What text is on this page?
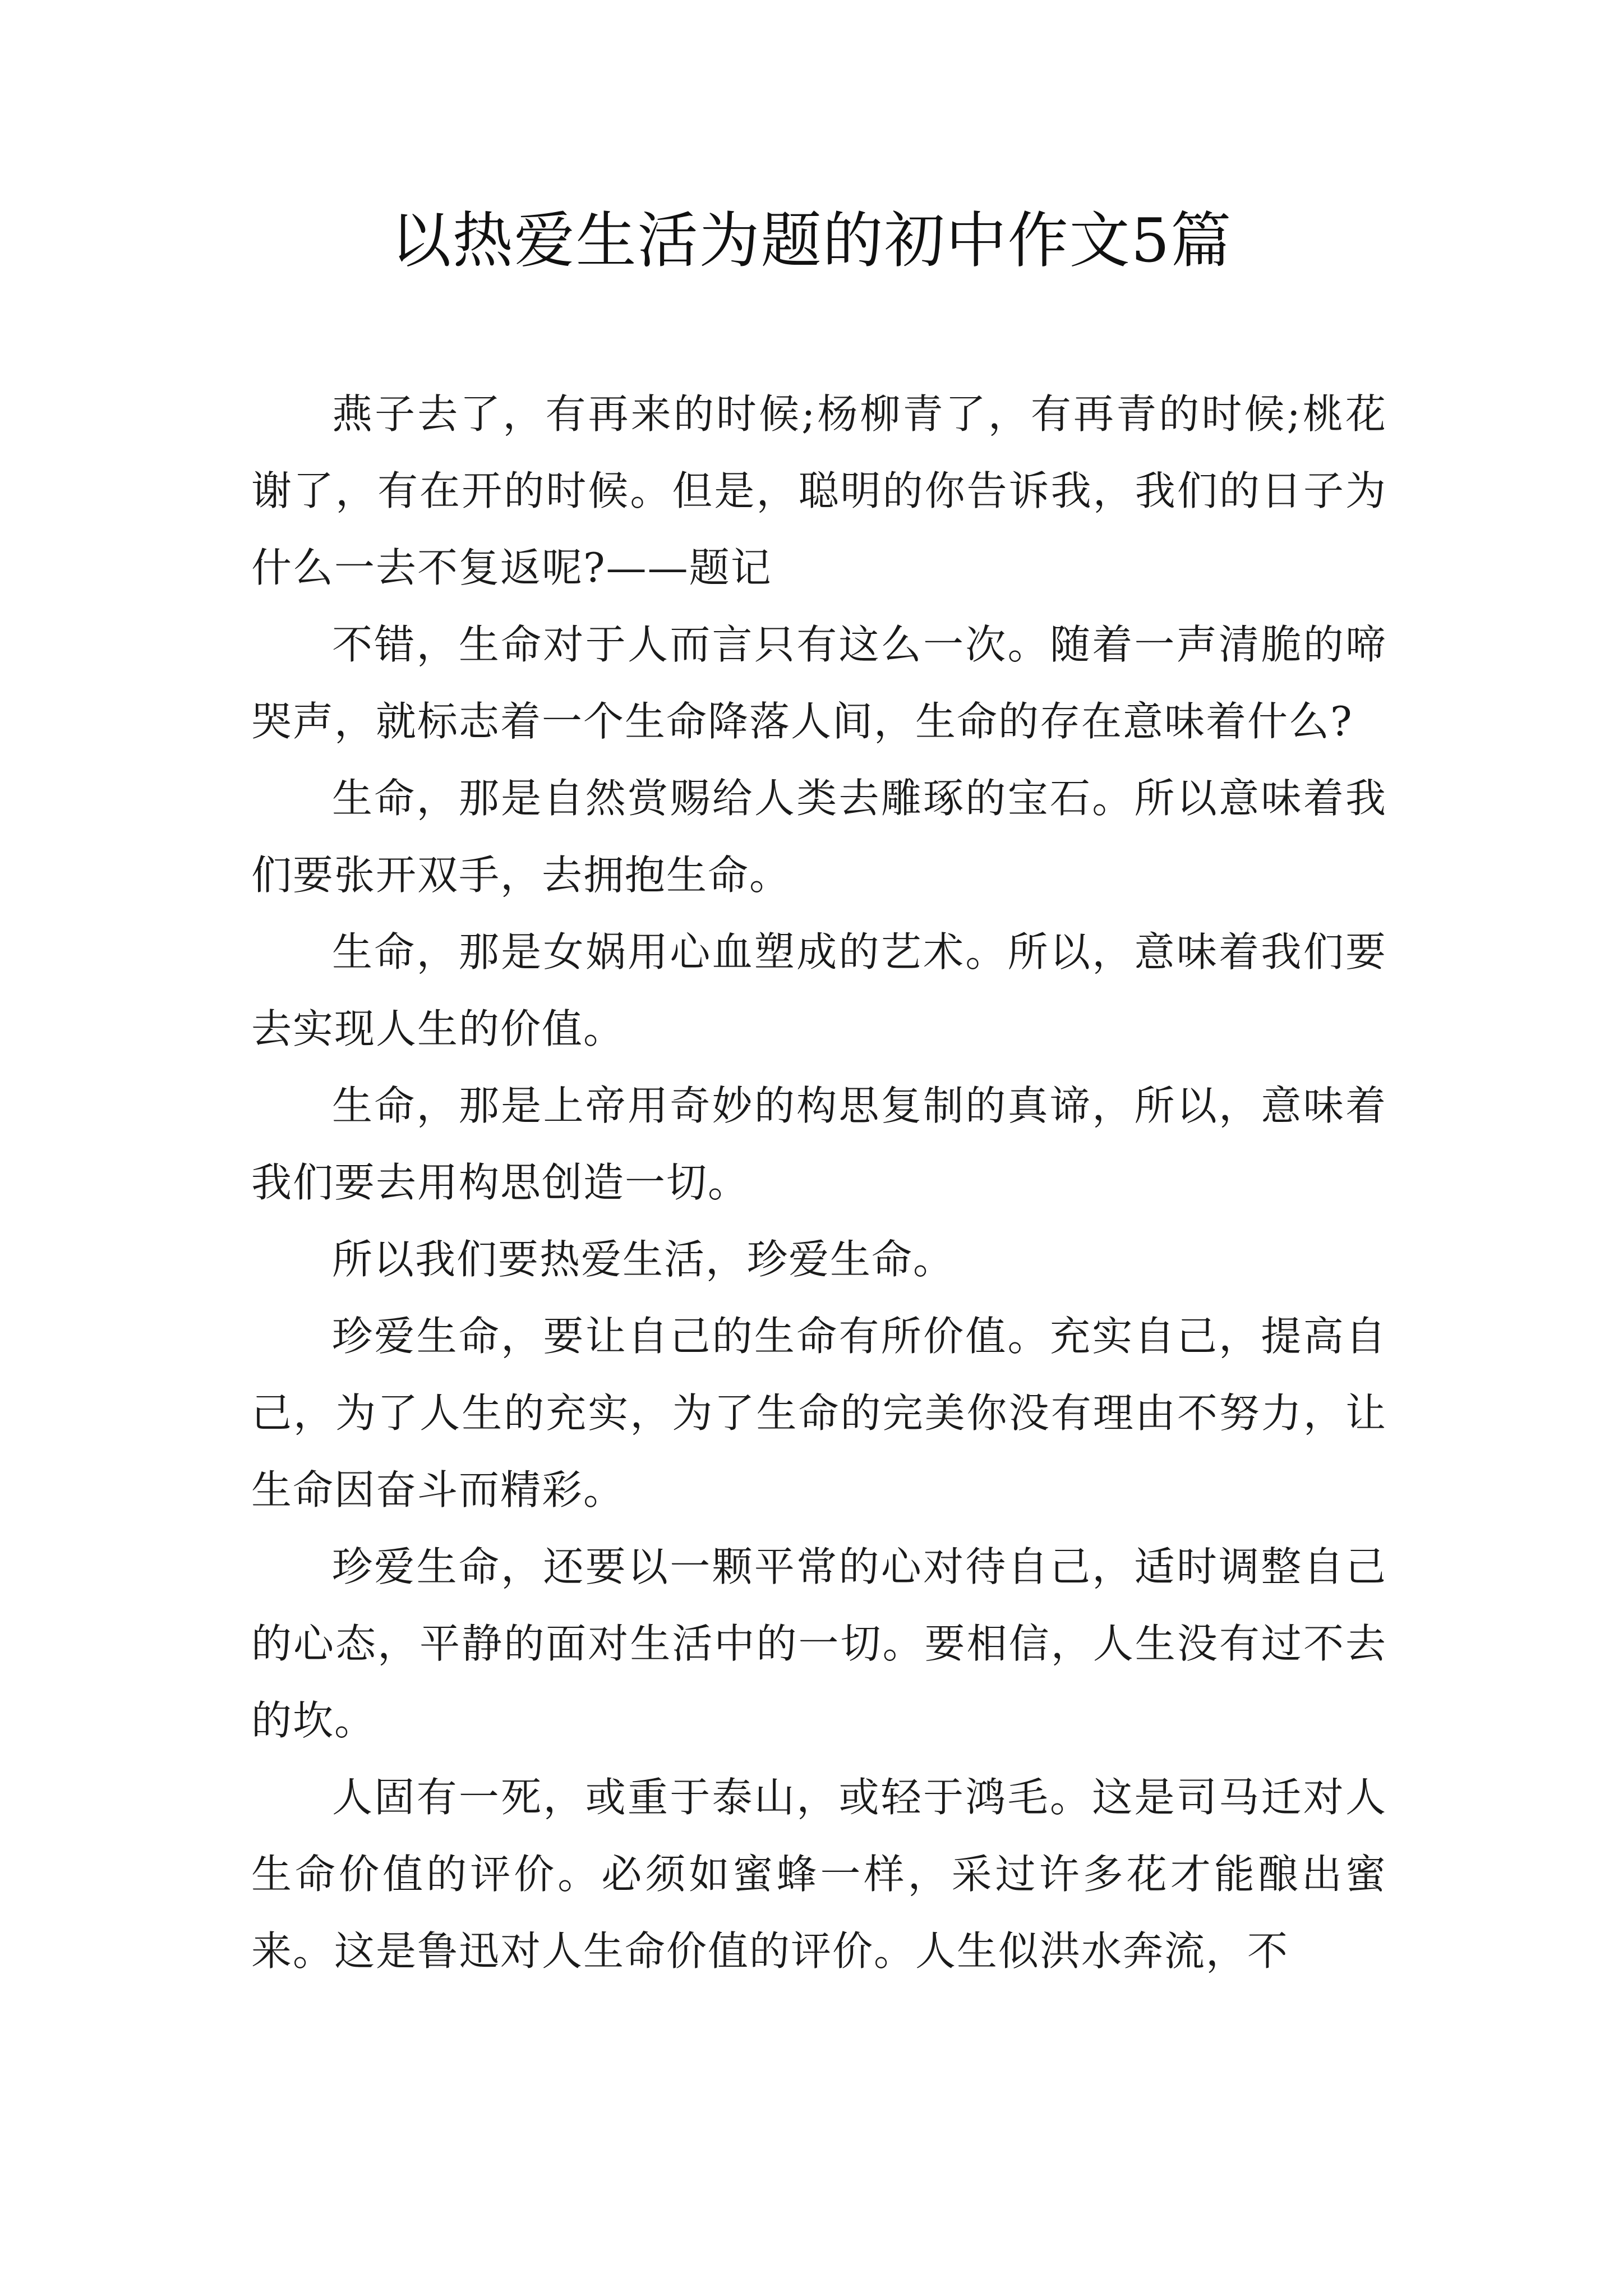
以热爱生活为题的初中作文5篇

燕子去了，有再来的时候;杨柳青了，有再青的时候;桃花谢了，有在开的时候。但是，聪明的你告诉我，我们的日子为什么一去不复返呢?——题记

不错，生命对于人而言只有这么一次。随着一声清脆的啼哭声，就标志着一个生命降落人间，生命的存在意味着什么?

生命，那是自然赏赐给人类去雕琢的宝石。所以意味着我们要张开双手，去拥抱生命。

生命，那是女娲用心血塑成的艺术。所以，意味着我们要去实现人生的价值。

生命，那是上帝用奇妙的构思复制的真谛，所以，意味着我们要去用构思创造一切。

所以我们要热爱生活，珍爱生命。

珍爱生命，要让自己的生命有所价值。充实自己，提高自己，为了人生的充实，为了生命的完美你没有理由不努力，让生命因奋斗而精彩。

珍爱生命，还要以一颗平常的心对待自己，适时调整自己的心态，平静的面对生活中的一切。要相信，人生没有过不去的坎。

人固有一死，或重于泰山，或轻于鸿毛。这是司马迁对人生命价值的评价。必须如蜜蜂一样，采过许多花才能酿出蜜来。这是鲁迅对人生命价值的评价。人生似洪水奔流，不
